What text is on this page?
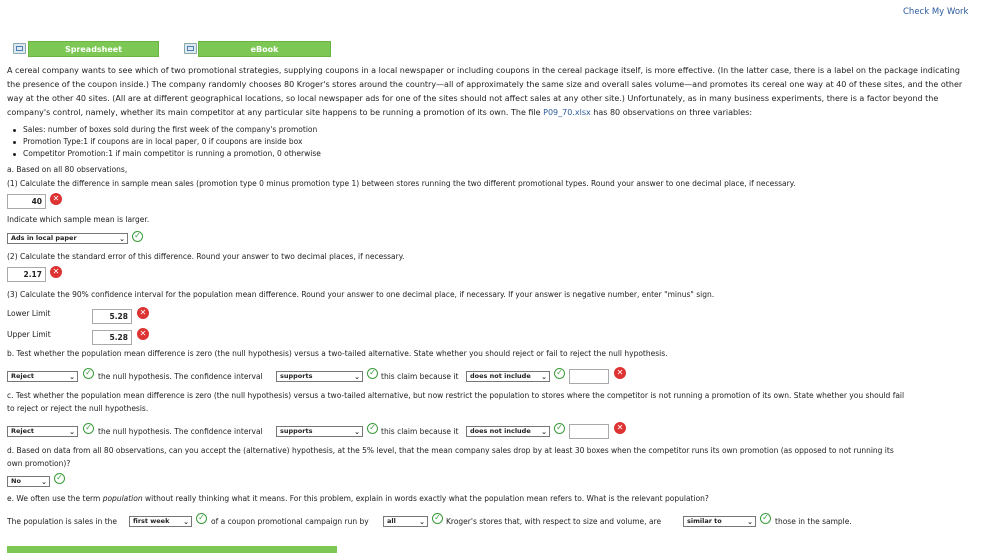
Check My Work
Spreadsheet	eBook
A cereal company wants to see which of two promotional strategies, supplying coupons in a local newspaper or including coupons in the cereal package itself, is more effective. (In the latter case, there is a label on the package indicating
the presence of the coupon inside.) The company randomly chooses 80 Kroger's stores around the country—all of approximately the same size and overall sales volume—and promotes its cereal one way at 40 of these sites, and the other
way at the other 40 sites. (All are at different geographical locations, so local newspaper ads for one of the sites should not affect sales at any other site.) Unfortunately, as in many business experiments, there is a factor beyond the
company's control, namely, whether its main competitor at any particular site happens to be running a promotion of its own. The file P09_70.xlsx has 80 observations on three variables:
Sales: number of boxes sold during the first week of the company's promotion
Promotion Type:1 if coupons are in local paper, 0 if coupons are inside box
Competitor Promotion:1 if main competitor is running a promotion, 0 otherwise
a. Based on all 80 observations,
(1) Calculate the difference in sample mean sales (promotion type 0 minus promotion type 1) between stores running the two different promotional types. Round your answer to one decimal place, if necessary.
40	✕
Indicate which sample mean is larger.
Ads in local paper	⌄ ✓
(2) Calculate the standard error of this difference. Round your answer to two decimal places, if necessary.
2.17	✕
(3) Calculate the 90% confidence interval for the population mean difference. Round your answer to one decimal place, if necessary. If your answer is negative number, enter "minus" sign.
Lower Limit	5.28	✕
Upper Limit	5.28	✕
b. Test whether the population mean difference is zero (the null hypothesis) versus a two-tailed alternative. State whether you should reject or fail to reject the null hypothesis.
Reject	⌄ ✓ the null hypothesis. The confidence interval	supports	⌄ ✓ this claim because it	does not include ⌄ ✓	✕
c. Test whether the population mean difference is zero (the null hypothesis) versus a two-tailed alternative, but now restrict the population to stores where the competitor is not running a promotion of its own. State whether you should fail
to reject or reject the null hypothesis.
Reject	⌄ ✓ the null hypothesis. The confidence interval	supports	⌄ ✓ this claim because it	does not include ⌄ ✓	✕
d. Based on data from all 80 observations, can you accept the (alternative) hypothesis, at the 5% level, that the mean company sales drop by at least 30 boxes when the competitor runs its own promotion (as opposed to not running its
own promotion)?
No	⌄ ✓
e. We often use the term population without really thinking what it means. For this problem, explain in words exactly what the population mean refers to. What is the relevant population?
The population is sales in the	first week ⌄ ✓ of a coupon promotional campaign run by	all	⌄ ✓ Kroger's stores that, with respect to size and volume, are	similar to	⌄ ✓ those in the sample.
